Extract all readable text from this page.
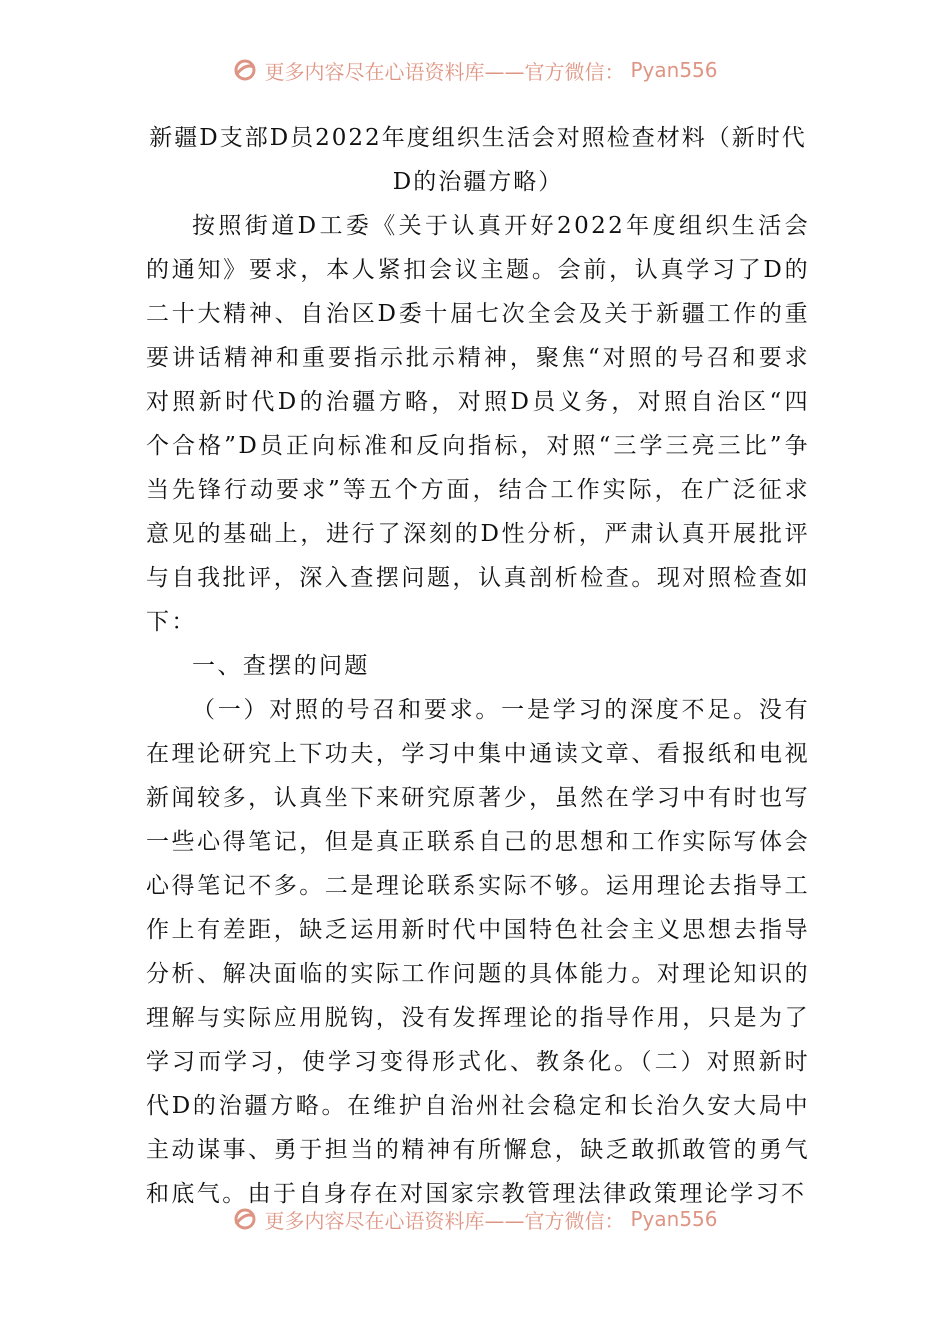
更多内容尽在心语资料库——官方微信： Pyan556
新疆D支部D员2022年度组织生活会对照检查材料（新时代D的治疆方略）

按照街道D工委《关于认真开好2022年度组织生活会的通知》要求，本人紧扣会议主题。会前，认真学习了D的二十大精神、自治区D委十届七次全会及关于新疆工作的重要讲话精神和重要指示批示精神，聚焦“对照的号召和要求对照新时代D的治疆方略，对照D员义务，对照自治区“四个合格”D员正向标准和反向指标，对照“三学三亮三比”争当先锋行动要求”等五个方面，结合工作实际，在广泛征求意见的基础上，进行了深刻的D性分析，严肃认真开展批评与自我批评，深入查摆问题，认真剖析检查。现对照检查如下：

一、查摆的问题

（一）对照的号召和要求。一是学习的深度不足。没有在理论研究上下功夫，学习中集中通读文章、看报纸和电视新闻较多，认真坐下来研究原著少，虽然在学习中有时也写一些心得笔记，但是真正联系自己的思想和工作实际写体会心得笔记不多。二是理论联系实际不够。运用理论去指导工作上有差距，缺乏运用新时代中国特色社会主义思想去指导分析、解决面临的实际工作问题的具体能力。对理论知识的理解与实际应用脱钩，没有发挥理论的指导作用，只是为了学习而学习，使学习变得形式化、教条化。（二）对照新时代D的治疆方略。在维护自治州社会稳定和长治久安大局中主动谋事、勇于担当的精神有所懈怠，缺乏敢抓敢管的勇气和底气。由于自身存在对国家宗教管理法律政策理论学习不

更多内容尽在心语资料库——官方微信： Pyan556
